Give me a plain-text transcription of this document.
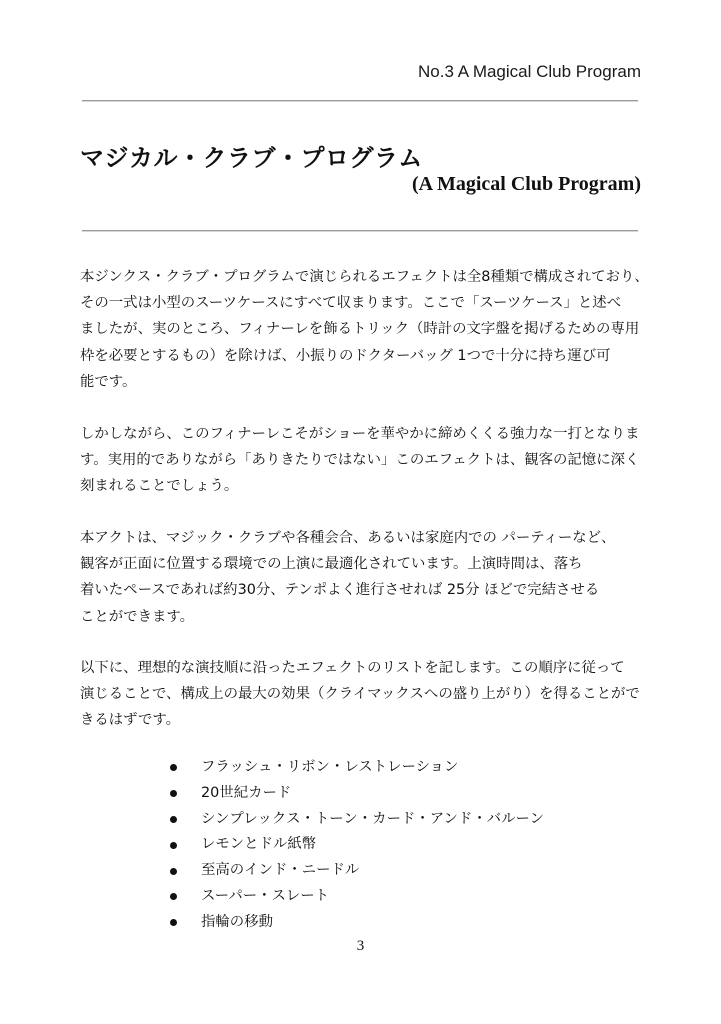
No.3 A Magical Club Program
マジカル・クラブ・プログラム
(A Magical Club Program)
本ジンクス・クラブ・プログラムで演じられるエフェクトは全8種類で構成されており、
その一式は小型のスーツケースにすべて収まります。ここで「スーツケース」と述べ
ましたが、実のところ、フィナーレを飾るトリック（時計の文字盤を掲げるための専用
枠を必要とするもの）を除けば、小振りのドクターバッグ 1つで十分に持ち運び可
能です。
しかしながら、このフィナーレこそがショーを華やかに締めくくる強力な一打となりま
す。実用的でありながら「ありきたりではない」このエフェクトは、観客の記憶に深く
刻まれることでしょう。
本アクトは、マジック・クラブや各種会合、あるいは家庭内での パーティーなど、
観客が正面に位置する環境での上演に最適化されています。上演時間は、落ち
着いたペースであれば約30分、テンポよく進行させれば 25分 ほどで完結させる
ことができます。
以下に、理想的な演技順に沿ったエフェクトのリストを記します。この順序に従って
演じることで、構成上の最大の効果（クライマックスへの盛り上がり）を得ることがで
きるはずです。
フラッシュ・リボン・レストレーション
20世紀カード
シンプレックス・トーン・カード・アンド・バルーン
レモンとドル紙幣
至高のインド・ニードル
スーパー・スレート
指輪の移動
3
